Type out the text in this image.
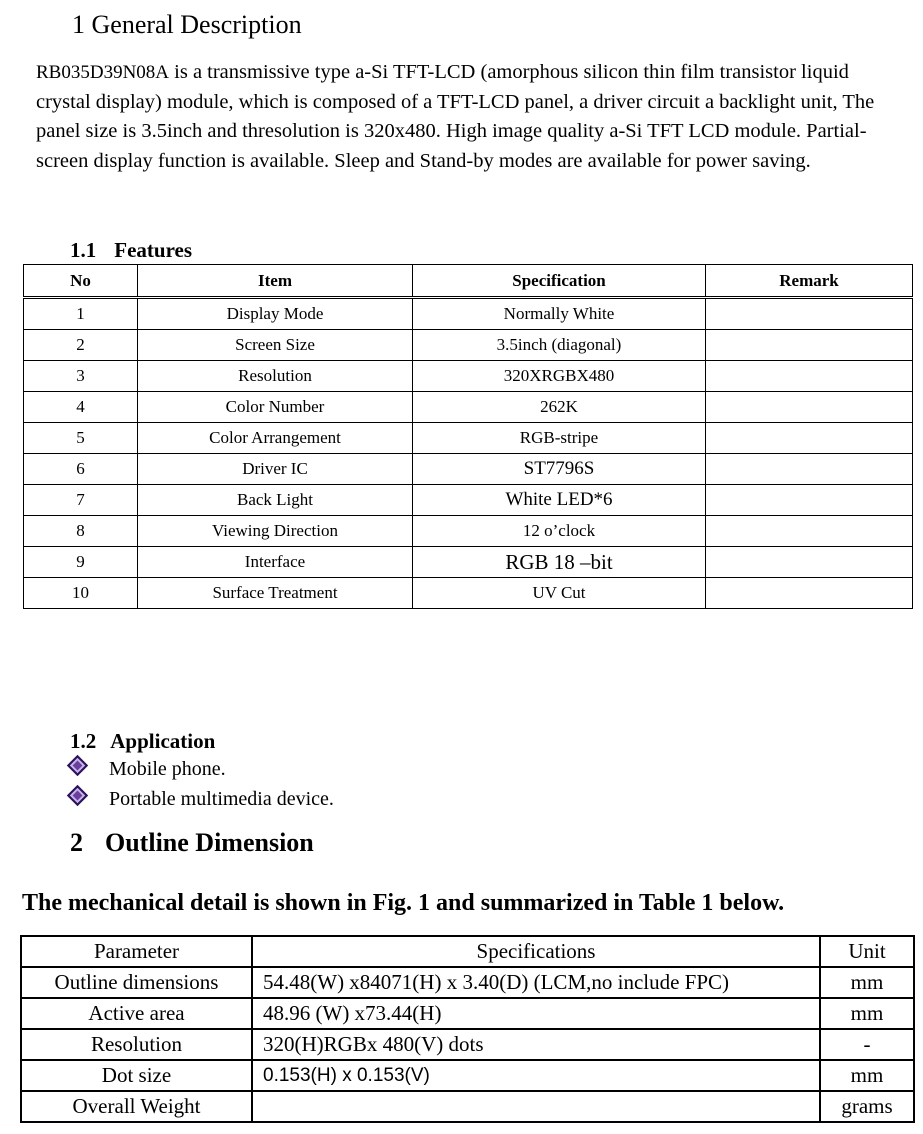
1 General Description
RB035D39N08A is a transmissive type a-Si TFT-LCD (amorphous silicon thin film transistor liquid crystal display) module, which is composed of a TFT-LCD panel, a driver circuit a backlight unit, The panel size is 3.5inch and thresolution is 320x480. High image quality a-Si TFT LCD module. Partial-screen display function is available. Sleep and Stand-by modes are available for power saving.
1.1 Features
No	Item	Specification	Remark
1	Display Mode	Normally White	
2	Screen Size	3.5inch (diagonal)	
3	Resolution	320XRGBX480	
4	Color Number	262K	
5	Color Arrangement	RGB-stripe	
6	Driver IC	ST7796S	
7	Back Light	White LED*6	
8	Viewing Direction	12 o’clock	
9	Interface	RGB 18 –bit	
10	Surface Treatment	UV Cut	
1.2 Application
Mobile phone.
Portable multimedia device.
2 Outline Dimension
The mechanical detail is shown in Fig. 1 and summarized in Table 1 below.
Parameter	Specifications	Unit
Outline dimensions	54.48(W) x84071(H) x 3.40(D) (LCM,no include FPC)	mm
Active area	48.96 (W) x73.44(H)	mm
Resolution	320(H)RGBx 480(V) dots	-
Dot size	0.153(H) x 0.153(V)	mm
Overall Weight		grams
